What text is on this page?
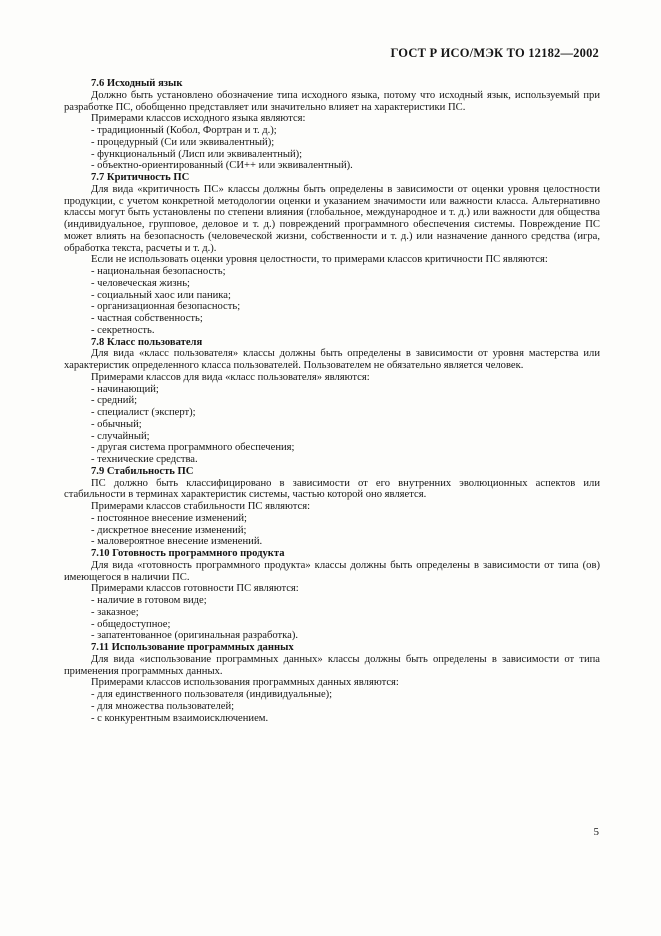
ГОСТ Р ИСО/МЭК ТО 12182—2002

7.6 Исходный язык

Должно быть установлено обозначение типа исходного языка, потому что исходный язык, используемый при разработке ПС, обобщенно представляет или значительно влияет на характеристики ПС.

Примерами классов исходного языка являются:

- традиционный (Кобол, Фортран и т. д.);

- процедурный (Си или эквивалентный);

- функциональный (Лисп или эквивалентный);

- объектно-ориентированный (СИ++ или эквивалентный).

7.7 Критичность ПС

Для вида «критичность ПС» классы должны быть определены в зависимости от оценки уровня целостности продукции, с учетом конкретной методологии оценки и указанием значимости или важности класса. Альтернативно классы могут быть установлены по степени влияния (глобальное, международное и т. д.) или важности для общества (индивидуальное, групповое, деловое и т. д.) повреждений программного обеспечения системы. Повреждение ПС может влиять на безопасность (человеческой жизни, собственности и т. д.) или назначение данного средства (игра, обработка текста, расчеты и т. д.).

Если не использовать оценки уровня целостности, то примерами классов критичности ПС являются:

- национальная безопасность;

- человеческая жизнь;

- социальный хаос или паника;

- организационная безопасность;

- частная собственность;

- секретность.

7.8 Класс пользователя

Для вида «класс пользователя» классы должны быть определены в зависимости от уровня мастерства или характеристик определенного класса пользователей. Пользователем не обязательно является человек.

Примерами классов для вида «класс пользователя» являются:

- начинающий;

- средний;

- специалист (эксперт);

- обычный;

- случайный;

- другая система программного обеспечения;

- технические средства.

7.9 Стабильность ПС

ПС должно быть классифицировано в зависимости от его внутренних эволюционных аспектов или стабильности в терминах характеристик системы, частью которой оно является.

Примерами классов стабильности ПС являются:

- постоянное внесение изменений;

- дискретное внесение изменений;

- маловероятное внесение изменений.

7.10 Готовность программного продукта

Для вида «готовность программного продукта» классы должны быть определены в зависимости от типа (ов) имеющегося в наличии ПС.

Примерами классов готовности ПС являются:

- наличие в готовом виде;

- заказное;

- общедоступное;

- запатентованное (оригинальная разработка).

7.11 Использование программных данных

Для вида «использование программных данных» классы должны быть определены в зависимости от типа применения программных данных.

Примерами классов использования программных данных являются:

- для единственного пользователя (индивидуальные);

- для множества пользователей;

- с конкурентным взаимоисключением.

5
